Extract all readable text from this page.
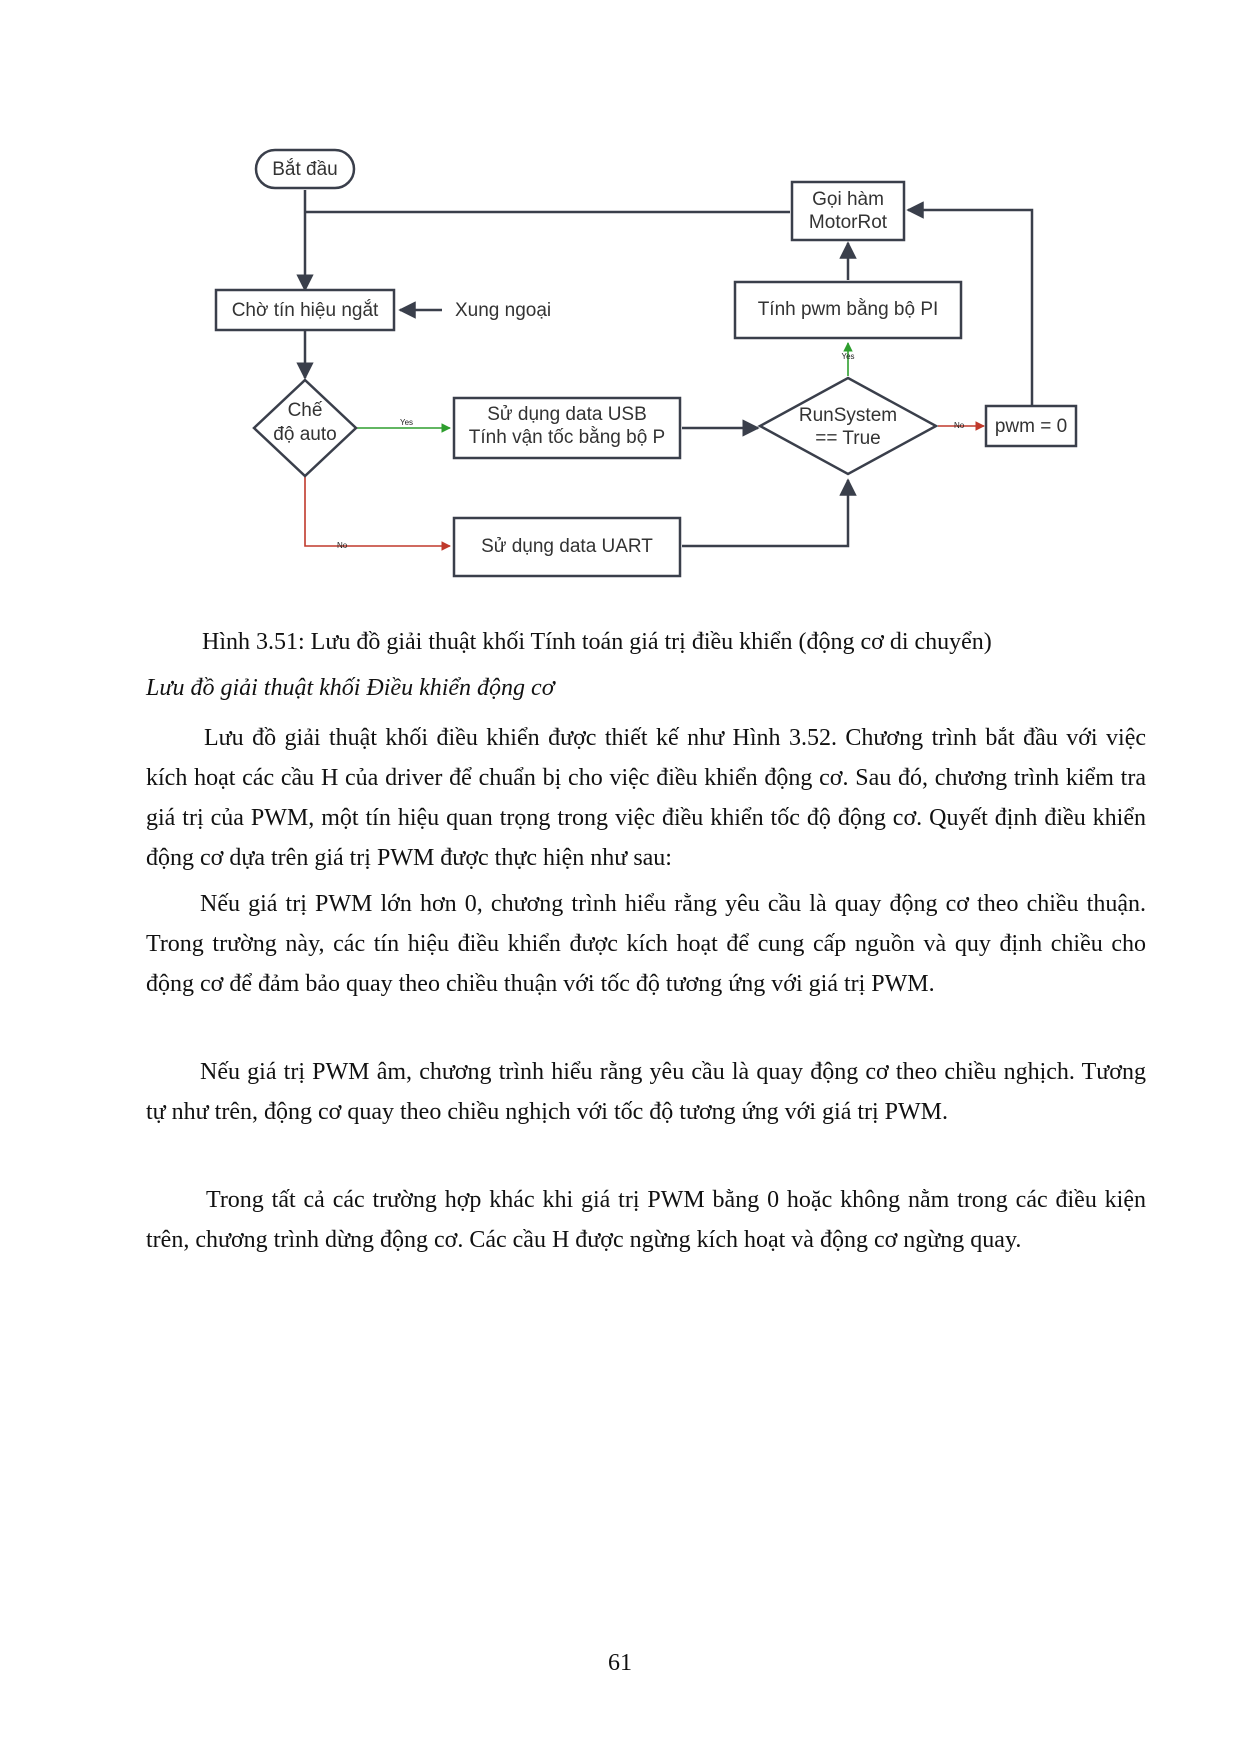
Yes
No
Yes
No
Bắt đầu
Chờ tín hiệu ngắt	Xung ngoại
Chế
độ auto
Sử dụng data USB
Tính vận tốc bằng bộ P
Sử dụng data UART
RunSystem
== True
pwm = 0
Tính pwm bằng bộ PI
Gọi hàm
MotorRot
Hình 3.51: Lưu đồ giải thuật khối Tính toán giá trị điều khiển (động cơ di chuyển)
Lưu đồ giải thuật khối Điều khiển động cơ

Lưu đồ giải thuật khối điều khiển được thiết kế như Hình 3.52. Chương trình bắt đầu với việc kích hoạt các cầu H của driver để chuẩn bị cho việc điều khiển động cơ. Sau đó, chương trình kiểm tra giá trị của PWM, một tín hiệu quan trọng trong việc điều khiển tốc độ động cơ. Quyết định điều khiển động cơ dựa trên giá trị PWM được thực hiện như sau:

Nếu giá trị PWM lớn hơn 0, chương trình hiểu rằng yêu cầu là quay động cơ theo chiều thuận. Trong trường này, các tín hiệu điều khiển được kích hoạt để cung cấp nguồn và quy định chiều cho động cơ để đảm bảo quay theo chiều thuận với tốc độ tương ứng với giá trị PWM.

Nếu giá trị PWM âm, chương trình hiểu rằng yêu cầu là quay động cơ theo chiều nghịch. Tương tự như trên, động cơ quay theo chiều nghịch với tốc độ tương ứng với giá trị PWM.

Trong tất cả các trường hợp khác khi giá trị PWM bằng 0 hoặc không nằm trong các điều kiện trên, chương trình dừng động cơ. Các cầu H được ngừng kích hoạt và động cơ ngừng quay.

61
